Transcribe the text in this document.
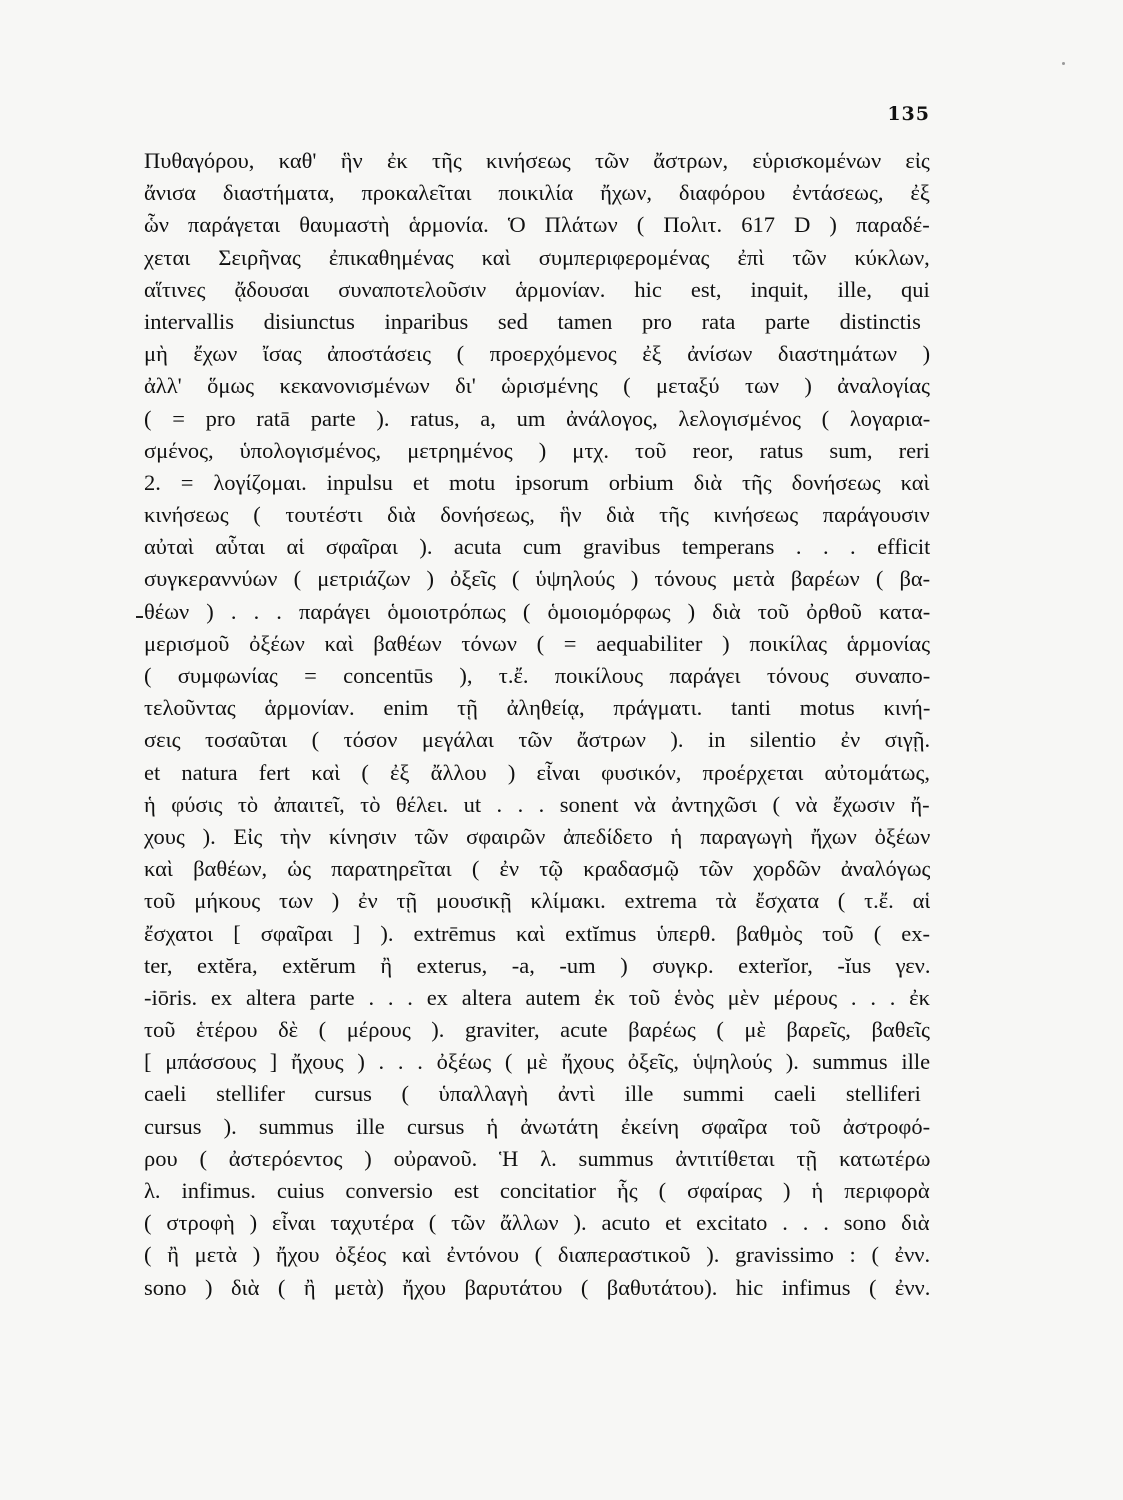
135
Πυθαγόρου, καθ' ἣν ἐκ τῆς κινήσεως τῶν ἄστρων, εὑρισκομένων εἰς
ἄνισα διαστήματα, προκαλεῖται ποικιλία ἤχων, διαφόρου ἐντάσεως, ἐξ
ὧν παράγεται θαυμαστὴ ἁρμονία. Ὁ Πλάτων ( Πολιτ. 617 D ) παραδέ-
χεται Σειρῆνας ἐπικαθημένας καὶ συμπεριφερομένας ἐπὶ τῶν κύκλων,
αἵτινες ᾄδουσαι συναποτελοῦσιν ἁρμονίαν. hic est, inquit, ille, qui
intervallis disiunctus inparibus sed tamen pro rata parte distinctis
μὴ ἔχων ἴσας ἀποστάσεις ( προερχόμενος ἐξ ἀνίσων διαστημάτων )
ἀλλ' ὅμως κεκανονισμένων δι' ὡρισμένης ( μεταξύ των ) ἀναλογίας
( = pro ratā parte ). ratus, a, um ἀνάλογος, λελογισμένος ( λογαρια-
σμένος, ὑπολογισμένος, μετρημένος ) μτχ. τοῦ reor, ratus sum, reri
2. = λογίζομαι. inpulsu et motu ipsorum orbium διὰ τῆς δονήσεως καὶ
κινήσεως ( τουτέστι διὰ δονήσεως, ἣν διὰ τῆς κινήσεως παράγουσιν
αὐταὶ αὗται αἱ σφαῖραι ). acuta cum gravibus temperans . . . efficit
συγκεραννύων ( μετριάζων ) ὀξεῖς ( ὑψηλούς ) τόνους μετὰ βαρέων ( βα-
θέων ) . . . παράγει ὁμοιοτρόπως ( ὁμοιομόρφως ) διὰ τοῦ ὀρθοῦ κατα-
μερισμοῦ ὀξέων καὶ βαθέων τόνων ( = aequabiliter ) ποικίλας ἁρμονίας
( συμφωνίας = concentūs ), τ.ἔ. ποικίλους παράγει τόνους συναπο-
τελοῦντας ἁρμονίαν. enim τῇ ἀληθείᾳ, πράγματι. tanti motus κινή-
σεις τοσαῦται ( τόσον μεγάλαι τῶν ἄστρων ). in silentio ἐν σιγῇ.
et natura fert καὶ ( ἐξ ἄλλου ) εἶναι φυσικόν, προέρχεται αὐτομάτως,
ἡ φύσις τὸ ἀπαιτεῖ, τὸ θέλει. ut . . . sonent νὰ ἀντηχῶσι ( νὰ ἔχωσιν ἤ-
χους ). Εἰς τὴν κίνησιν τῶν σφαιρῶν ἀπεδίδετο ἡ παραγωγὴ ἤχων ὀξέων
καὶ βαθέων, ὡς παρατηρεῖται ( ἐν τῷ κραδασμῷ τῶν χορδῶν ἀναλόγως
τοῦ μήκους των ) ἐν τῇ μουσικῇ κλίμακι. extrema τὰ ἔσχατα ( τ.ἔ. αἱ
ἔσχατοι [ σφαῖραι ] ). extrēmus καὶ extĭmus ὑπερθ. βαθμὸς τοῦ ( ex-
ter, extĕra, extĕrum ἢ exterus, -a, -um ) συγκρ. exterĭor, -ĭus γεν.
-iōris. ex altera parte . . . ex altera autem ἐκ τοῦ ἑνὸς μὲν μέρους . . . ἐκ
τοῦ ἑτέρου δὲ ( μέρους ). graviter, acute βαρέως ( μὲ βαρεῖς, βαθεῖς
[ μπάσσους ] ἤχους ) . . . ὀξέως ( μὲ ἤχους ὀξεῖς, ὑψηλούς ). summus ille
caeli stellifer cursus ( ὑπαλλαγὴ ἀντὶ ille summi caeli stelliferi
cursus ). summus ille cursus ἡ ἀνωτάτη ἐκείνη σφαῖρα τοῦ ἀστροφό-
ρου ( ἀστερόεντος ) οὐρανοῦ. Ἡ λ. summus ἀντιτίθεται τῇ κατωτέρω
λ. infimus. cuius conversio est concitatior ἧς ( σφαίρας ) ἡ περιφορὰ
( στροφὴ ) εἶναι ταχυτέρα ( τῶν ἄλλων ). acuto et excitato . . . sono διὰ
( ἢ μετὰ ) ἤχου ὀξέος καὶ ἐντόνου ( διαπεραστικοῦ ). gravissimo : ( ἐνν.
sono ) διὰ ( ἢ μετὰ) ἤχου βαρυτάτου ( βαθυτάτου). hic infimus ( ἐνν.
